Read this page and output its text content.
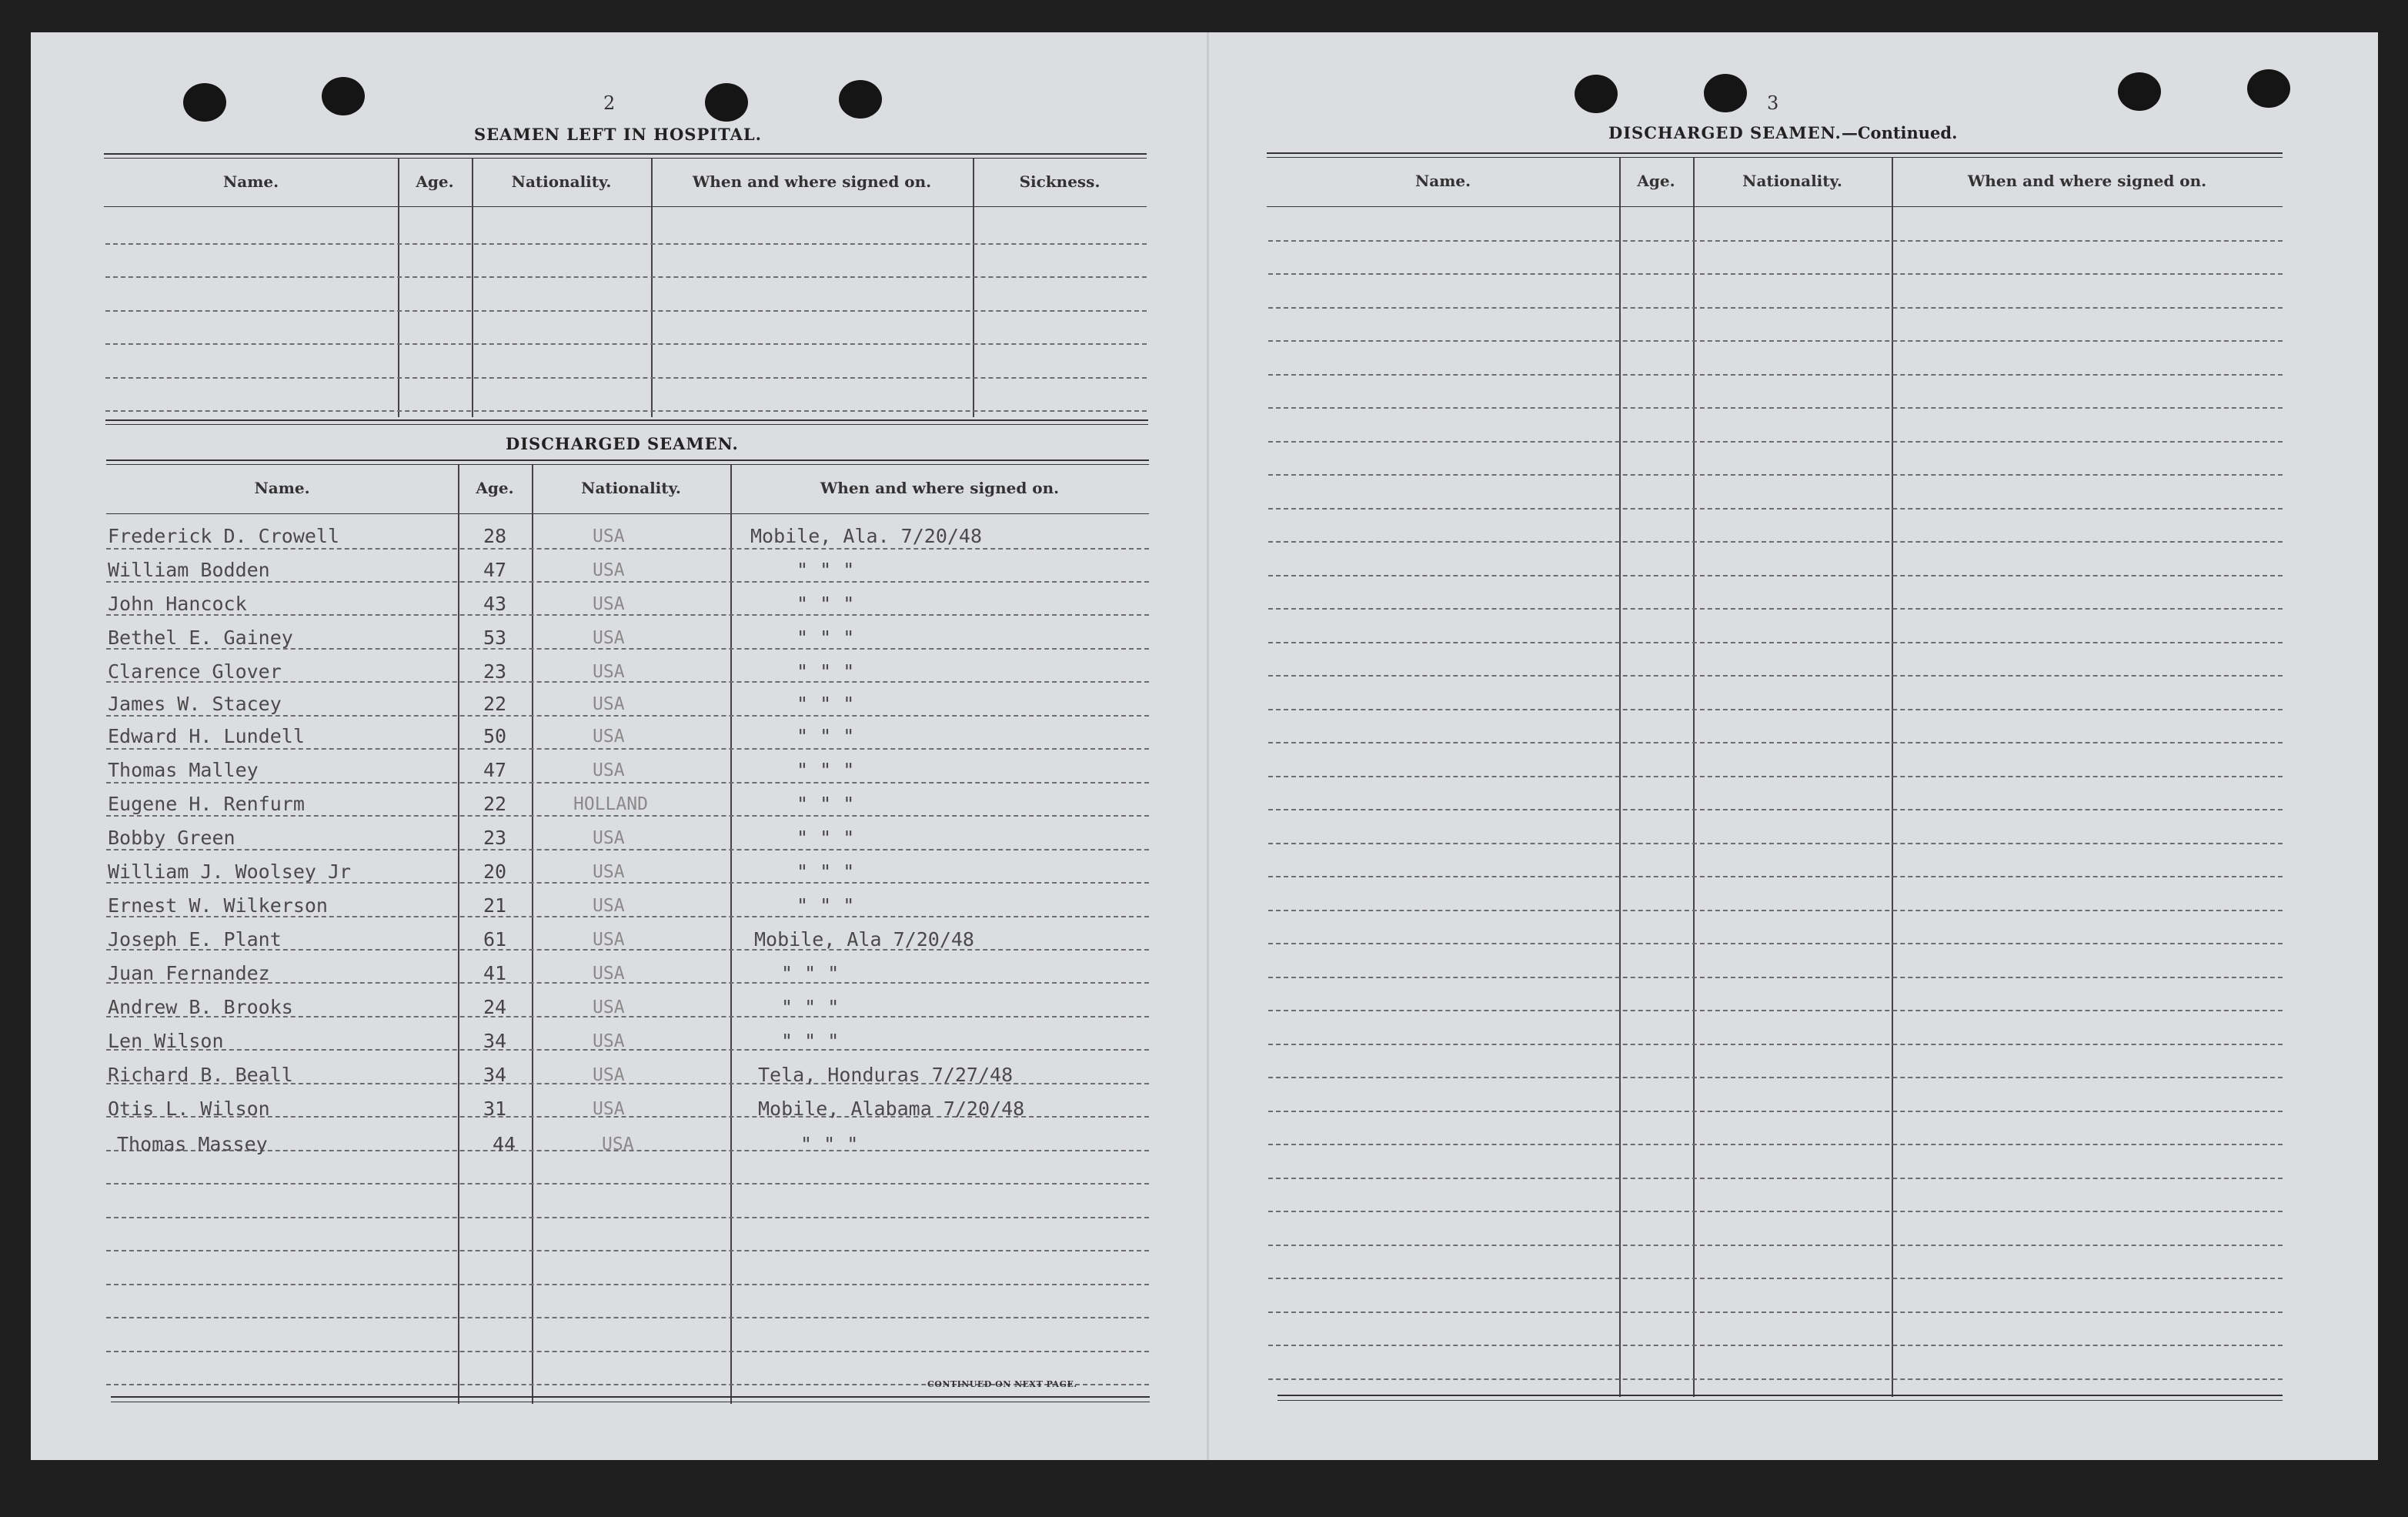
2
SEAMEN LEFT IN HOSPITAL.
Name.	Age.	Nationality.	When and where signed on.	Sickness.
DISCHARGED SEAMEN.
Name.	Age.	Nationality.	When and where signed on.
Frederick D. Crowell	28	USA	Mobile, Ala. 7/20/48
William Bodden	47	USA	" " "
John Hancock	43	USA	" " "
Bethel E. Gainey	53	USA	" " "
Clarence Glover	23	USA	" " "
James W. Stacey	22	USA	" " "
Edward H. Lundell	50	USA	" " "
Thomas Malley	47	USA	" " "
Eugene H. Renfurm	22	HOLLAND	" " "
Bobby Green	23	USA	" " "
William J. Woolsey Jr	20	USA	" " "
Ernest W. Wilkerson	21	USA	" " "
Joseph E. Plant	61	USA	Mobile, Ala 7/20/48
Juan Fernandez	41	USA	" " "
Andrew B. Brooks	24	USA	" " "
Len Wilson	34	USA	" " "
Richard B. Beall	34	USA	Tela, Honduras 7/27/48
Otis L. Wilson	31	USA	Mobile, Alabama 7/20/48
Thomas Massey	44	USA	" " "
CONTINUED ON NEXT PAGE.
3
DISCHARGED SEAMEN.—Continued.
Name.	Age.	Nationality.	When and where signed on.
